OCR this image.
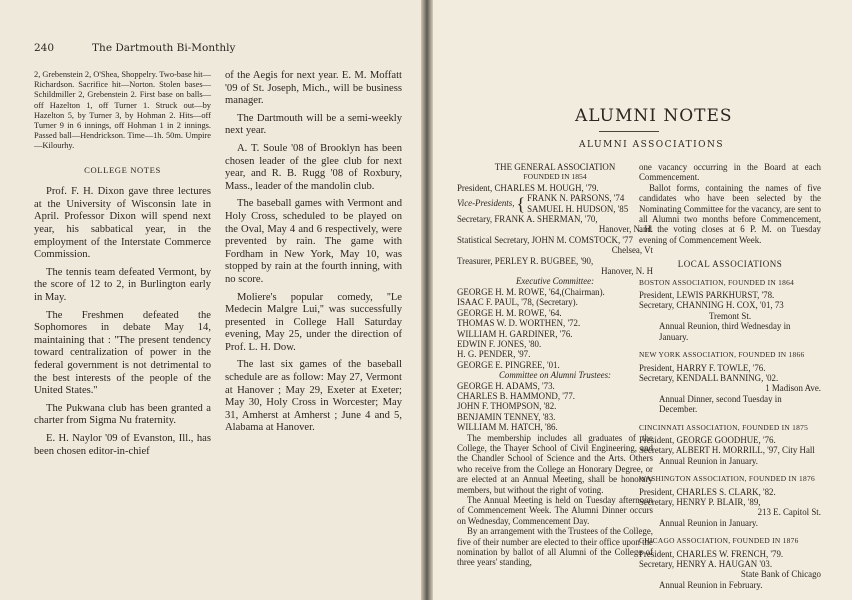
240	The Dartmouth Bi-Monthly
2, Grebenstein 2, O'Shea, Shoppelry. Two-base hit—Richardson. Sacrifice hit—Norton. Stolen bases—Schildmiller 2, Grebenstein 2. First base on balls—off Hazelton 1, off Turner 1. Struck out—by Hazelton 5, by Turner 3, by Hohman 2. Hits—off Turner 9 in 6 innings, off Hohman 1 in 2 innings. Passed ball—Hendrickson. Time—1h. 50m. Umpire—Kilourhy.
COLLEGE NOTES

Prof. F. H. Dixon gave three lectures at the University of Wisconsin late in April. Professor Dixon will spend next year, his sabbatical year, in the employment of the Interstate Commerce Commission.

The tennis team defeated Vermont, by the score of 12 to 2, in Burlington early in May.

The Freshmen defeated the Sophomores in debate May 14, maintaining that : ''The present tendency toward centralization of power in the federal government is not detrimental to the best interests of the people of the United States.''

The Pukwana club has been granted a charter from Sigma Nu fraternity.

E. H. Naylor '09 of Evanston, Ill., has been chosen editor-in-chief

of the Aegis for next year. E. M. Moffatt '09 of St. Joseph, Mich., will be business manager.

The Dartmouth will be a semi-weekly next year.

A. T. Soule '08 of Brooklyn has been chosen leader of the glee club for next year, and R. B. Rugg '08 of Roxbury, Mass., leader of the mandolin club.

The baseball games with Vermont and Holy Cross, scheduled to be played on the Oval, May 4 and 6 respectively, were prevented by rain. The game with Fordham in New York, May 10, was stopped by rain at the fourth inning, with no score.

Moliere's popular comedy, ''Le Medecin Malgre Lui,'' was successfully presented in College Hall Saturday evening, May 25, under the direction of Prof. L. H. Dow.

The last six games of the baseball schedule are as follow: May 27, Vermont at Hanover ; May 29, Exeter at Exeter; May 30, Holy Cross in Worcester; May 31, Amherst at Amherst ; June 4 and 5, Alabama at Hanover.

ALUMNI NOTES
ALUMNI ASSOCIATIONS
THE GENERAL ASSOCIATION
FOUNDED IN 1854
President, CHARLES M. HOUGH, '79.
Vice-Presidents, { FRANK N. PARSONS, '74
SAMUEL H. HUDSON, '85
Secretary, FRANK A. SHERMAN, '70,
Hanover, N. H.
Statistical Secretary, JOHN M. COMSTOCK, '77
Chelsea, Vt
Treasurer, PERLEY R. BUGBEE, '90,
Hanover, N. H
Executive Committee:
GEORGE H. M. ROWE, '64,(Chairman).
ISAAC F. PAUL, '78, (Secretary).
GEORGE H. M. ROWE, '64.
THOMAS W. D. WORTHEN, '72.
WILLIAM H. GARDINER, '76.
EDWIN F. JONES, '80.
H. G. PENDER, '97.
GEORGE E. PINGREE, '01.
Committee on Alumni Trustees:
GEORGE H. ADAMS, '73.
CHARLES B. HAMMOND, '77.
JOHN F. THOMPSON, '82.
BENJAMIN TENNEY, '83.
WILLIAM M. HATCH, '86.
The membership includes all graduates of the College, the Thayer School of Civil Engineering, and the Chandler School of Science and the Arts. Others who receive from the College an Honorary Degree, or are elected at an Annual Meeting, shall be honorary members, but without the right of voting.
The Annual Meeting is held on Tuesday afternoon of Commencement Week. The Alumni Dinner occurs on Wednesday, Commencement Day.
By an arrangement with the Trustees of the College, five of their number are elected to their office upon the nomination by ballot of all Alumni of the College of three years' standing,
one vacancy occurring in the Board at each Commencement.
Ballot forms, containing the names of five candidates who have been selected by the Nominating Committee for the vacancy, are sent to all Alumni two months before Commencement, and the voting closes at 6 P. M. on Tuesday evening of Commencement Week.
LOCAL ASSOCIATIONS
BOSTON ASSOCIATION, FOUNDED IN 1864
President, LEWIS PARKHURST, '78.
Secretary, CHANNING H. COX, '01, 73
Tremont St.
Annual Reunion, third Wednesday in January.
NEW YORK ASSOCIATION, FOUNDED IN 1866
President, HARRY F. TOWLE, '76.
Secretary, KENDALL BANNING, '02.
1 Madison Ave.
Annual Dinner, second Tuesday in December.
CINCINNATI ASSOCIATION, FOUNDED IN 1875
President, GEORGE GOODHUE, '76.
Secretary, ALBERT H. MORRILL, '97, City Hall
Annual Reunion in January.
WASHINGTON ASSOCIATION, FOUNDED IN 1876
President, CHARLES S. CLARK, '82.
Secretary, HENRY P. BLAIR, '89,
213 E. Capitol St.
Annual Reunion in January.
CHICAGO ASSOCIATION, FOUNDED IN 1876
President, CHARLES W. FRENCH, '79.
Secretary, HENRY A. HAUGAN '03.
State Bank of Chicago
Annual Reunion in February.
